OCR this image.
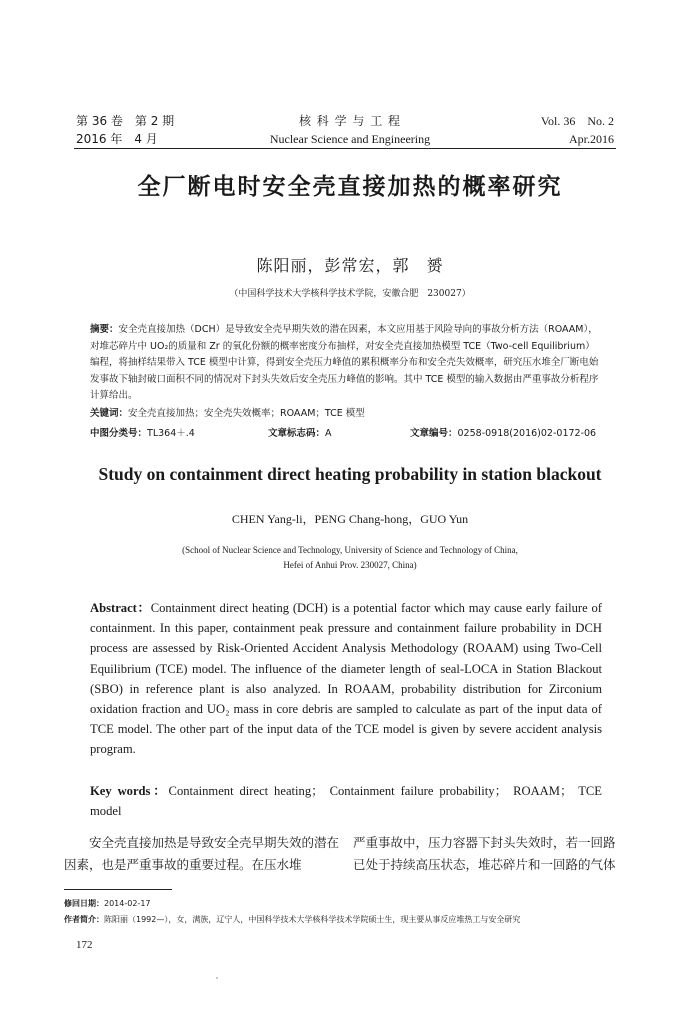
第 36 卷　第 2 期
2016 年　4 月
核 科 学 与 工 程
Nuclear Science and Engineering
Vol. 36　No. 2
Apr.2016
全厂断电时安全壳直接加热的概率研究
陈阳丽，彭常宏，郭　赟
（中国科学技术大学核科学技术学院，安徽合肥　230027）
摘要：安全壳直接加热（DCH）是导致安全壳早期失效的潜在因素，本文应用基于风险导向的事故分析方法（ROAAM），对堆芯碎片中 UO₂的质量和 Zr 的氧化份额的概率密度分布抽样，对安全壳直接加热模型 TCE（Two-cell Equilibrium）编程，将抽样结果带入 TCE 模型中计算，得到安全壳压力峰值的累积概率分布和安全壳失效概率，研究压水堆全厂断电始发事故下轴封破口面积不同的情况对下封头失效后安全壳压力峰值的影响。其中 TCE 模型的输入数据由严重事故分析程序计算给出。
关键词：安全壳直接加热；安全壳失效概率；ROAAM；TCE 模型
中图分类号：TL364＋.4	文章标志码：A	文章编号：0258-0918(2016)02-0172-06
Study on containment direct heating probability in station blackout
CHEN Yang-li，PENG Chang-hong，GUO Yun
(School of Nuclear Science and Technology, University of Science and Technology of China,
Hefei of Anhui Prov. 230027, China)
Abstract：Containment direct heating (DCH) is a potential factor which may cause early failure of containment. In this paper, containment peak pressure and containment failure probability in DCH process are assessed by Risk-Oriented Accident Analysis Methodology (ROAAM) using Two-Cell Equilibrium (TCE) model. The influence of the diameter length of seal-LOCA in Station Blackout (SBO) in reference plant is also analyzed. In ROAAM, probability distribution for Zirconium oxidation fraction and UO₂ mass in core debris are sampled to calculate as part of the input data of TCE model. The other part of the input data of the TCE model is given by severe accident analysis program.
Key words：Containment direct heating； Containment failure probability； ROAAM； TCE model
　　安全壳直接加热是导致安全壳早期失效的潜在因素，也是严重事故的重要过程。在压水堆
严重事故中，压力容器下封头失效时，若一回路已处于持续高压状态，堆芯碎片和一回路的气体
修回日期：2014-02-17
作者简介：陈阳丽（1992—），女，满族，辽宁人，中国科学技术大学核科学技术学院硕士生，现主要从事反应堆热工与安全研究
172
